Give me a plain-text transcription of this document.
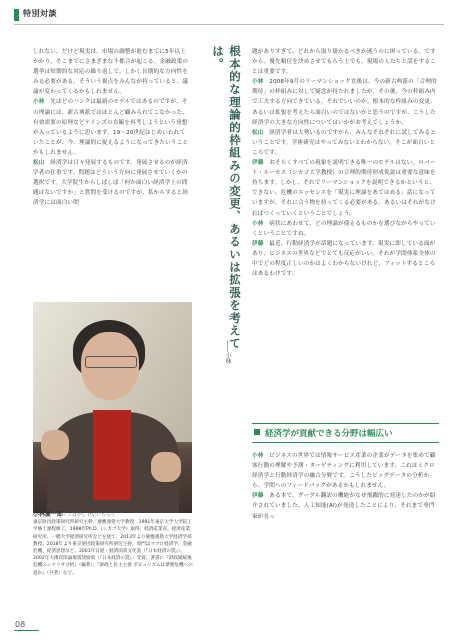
特別対談

しれない。だけど現実は、市場の調整が進むまでに5年以上かかり、そこまでにさまざまな不都合が起こる。金融政策の選挙は短期的な対応の繰り返しで、しかし長期的な方向性をみる必要がある。そういう視点をみんなが持っていると、議論が変わってくるかもしれません。

小林　 先ほどのハンクは最新のモデルではあるのですが、その理論には、新古典派ではほとんど顧みられてこなかった、有効需要の原理などケインズの直観を再考しようという発想が入っているように思います。19〜20世紀はじめいわれていたことが、今、理論的に捉えるようになってきたいうことかもしれません。

松山　 経済学は日々発展するものです。発展させるのが経済学者の仕事です。問題はどういう方向に発展させていくかの選択です。大学院生からしばしば「何か面白い経済学上の問題はないですか」と質問を受けるのですが、私からすると経済学には面白い問	根本的な理論的枠組みの変更、あるいは拡張を考えては。
——小林
小林慶一郎／こばやし けいいちろう
東京財団政策研究所研究主幹／慶應義塾大学教授　1991年東京大学大学院工学修士課程修了。1998年Ph.D.（シカゴ大学）取得。経済産業省、経済産業研究所、一橋大学経済研究所などを経て、2013年より慶應義塾大学経済学部教授。2018年より東京財団政策研究所研究主幹。専門はマクロ経済学、金融危機、経済思想など。2001年日経・経済図書文化賞（『日本経済の罠』）。2002年大佛次郎論壇賞奨励賞（『日本経済の罠』）受賞。著書に『財政破綻後 危機のシナリオ分析』（編著）、『財政と民主主義 ポピュリズムは債務危機への道か』（共著）など。

題がありすぎて、どれから取り掛かるべきか迷うのに困っている。ですから、優先順位を決めさせてもらう上でも、現場の人たちと話をすることは重要です。

小林　 2008年9月のリーマンショック直後は、今の新古典派の「合理的期待」の枠組みに対して疑念が持たれましたが、その後、今の枠組み内で工夫する方向できている。それでいいのか。根本的な枠組みの変更、あるいは拡張を考えたら面白いのではないかと思うのですが、こうした経済学の大きな方向性についてはいかがお考えでしょうか。

松山　 経済学者は大勢いるのですから、みんなそれぞれに試してみるということです。学術研究はやってみないとわからない。そこが面白いところです。

伊藤　 おそらくすべての現象を説明できる唯一のモデルはない。ロバート・ルーカス（シカゴ大学教授）の合理的期待形成仮説は重要な意味を持ちます。しかし、それでリーマンショックを説明できるかというと、できない。危機のエッセンスを「現実に理論をあてはめる」話になっていますが、それに合う物を持ってくる必要がある。あるいはそれがなければつくっていくということでしょう。

小林　 病状にあわせて、どの理論が使えるものかを選びながらやっていくということですね。

伊藤　 最近、行動経済学が話題になっています。現実に即している面があり、ビジネスの世界などでとても反応がいい。それが学問体系全体の中でどの程度正しいのかはよくわからないけれど、フィットするところはあるわけです。

経済学が貢献できる分野は幅広い

小林　 ビジネスの世界では情報サービス産業の企業がデータを集めて顧客行動の理解や予測・ターゲティングに利用しています。これはミクロ経済学と行動経済学の融合分野です。こうしたビッグデータの分析から、学問へのフィードバックがあるかもしれません。

伊藤　 ある本で、グーグル翻訳の機能がなぜ飛躍的に発達したのかが紹介されていました。人工知能(AI)が発達したことにより、それまで専門家が長っ

08
